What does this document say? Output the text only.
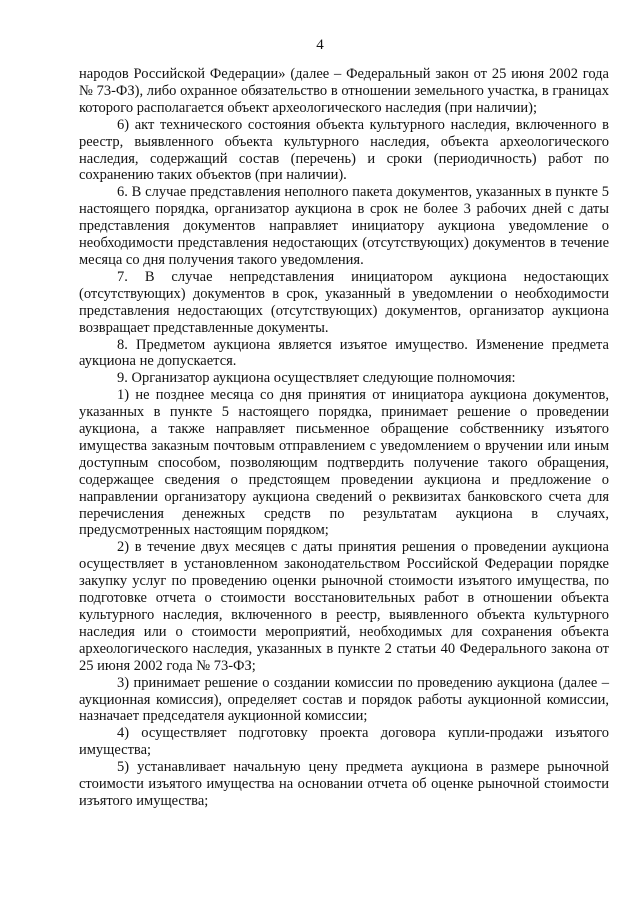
4

народов Российской Федерации» (далее – Федеральный закон от 25 июня 2002 года № 73-ФЗ), либо охранное обязательство в отношении земельного участка, в границах которого располагается объект археологического наследия (при наличии);

6) акт технического состояния объекта культурного наследия, включенного в реестр, выявленного объекта культурного наследия, объекта археологического наследия, содержащий состав (перечень) и сроки (периодичность) работ по сохранению таких объектов (при наличии).

6. В случае представления неполного пакета документов, указанных в пункте 5 настоящего порядка, организатор аукциона в срок не более 3 рабочих дней с даты представления документов направляет инициатору аукциона уведомление о необходимости представления недостающих (отсутствующих) документов в течение месяца со дня получения такого уведомления.

7. В случае непредставления инициатором аукциона недостающих (отсутствующих) документов в срок, указанный в уведомлении о необходимости представления недостающих (отсутствующих) документов, организатор аукциона возвращает представленные документы.

8. Предметом аукциона является изъятое имущество. Изменение предмета аукциона не допускается.

9. Организатор аукциона осуществляет следующие полномочия:

1) не позднее месяца со дня принятия от инициатора аукциона документов, указанных в пункте 5 настоящего порядка, принимает решение о проведении аукциона, а также направляет письменное обращение собственнику изъятого имущества заказным почтовым отправлением с уведомлением о вручении или иным доступным способом, позволяющим подтвердить получение такого обращения, содержащее сведения о предстоящем проведении аукциона и предложение о направлении организатору аукциона сведений о реквизитах банковского счета для перечисления денежных средств по результатам аукциона в случаях, предусмотренных настоящим порядком;

2) в течение двух месяцев с даты принятия решения о проведении аукциона осуществляет в установленном законодательством Российской Федерации порядке закупку услуг по проведению оценки рыночной стоимости изъятого имущества, по подготовке отчета о стоимости восстановительных работ в отношении объекта культурного наследия, включенного в реестр, выявленного объекта культурного наследия или о стоимости мероприятий, необходимых для сохранения объекта археологического наследия, указанных в пункте 2 статьи 40 Федерального закона от 25 июня 2002 года № 73-ФЗ;

3) принимает решение о создании комиссии по проведению аукциона (далее – аукционная комиссия), определяет состав и порядок работы аукционной комиссии, назначает председателя аукционной комиссии;

4) осуществляет подготовку проекта договора купли-продажи изъятого имущества;

5) устанавливает начальную цену предмета аукциона в размере рыночной стоимости изъятого имущества на основании отчета об оценке рыночной стоимости изъятого имущества;
